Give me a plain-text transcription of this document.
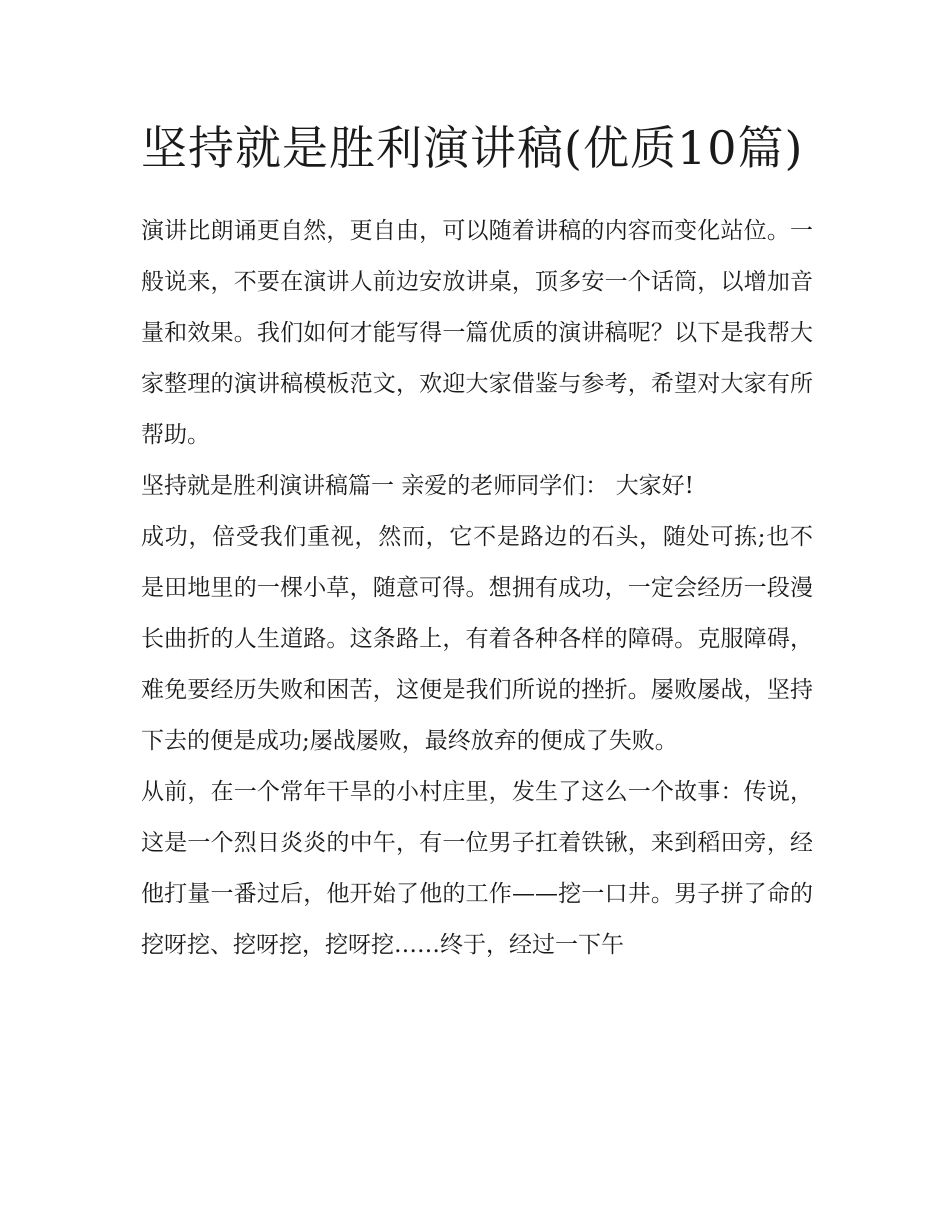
坚持就是胜利演讲稿(优质10篇)

演讲比朗诵更自然，更自由，可以随着讲稿的内容而变化站位。一般说来，不要在演讲人前边安放讲桌，顶多安一个话筒，以增加音量和效果。我们如何才能写得一篇优质的演讲稿呢？以下是我帮大家整理的演讲稿模板范文，欢迎大家借鉴与参考，希望对大家有所帮助。

坚持就是胜利演讲稿篇一 亲爱的老师同学们： 大家好!

成功，倍受我们重视，然而，它不是路边的石头，随处可拣;也不是田地里的一棵小草，随意可得。想拥有成功，一定会经历一段漫长曲折的人生道路。这条路上，有着各种各样的障碍。克服障碍，难免要经历失败和困苦，这便是我们所说的挫折。屡败屡战，坚持下去的便是成功;屡战屡败，最终放弃的便成了失败。

从前，在一个常年干旱的小村庄里，发生了这么一个故事：传说，这是一个烈日炎炎的中午，有一位男子扛着铁锹，来到稻田旁，经他打量一番过后，他开始了他的工作——挖一口井。男子拼了命的挖呀挖、挖呀挖，挖呀挖……终于，经过一下午
